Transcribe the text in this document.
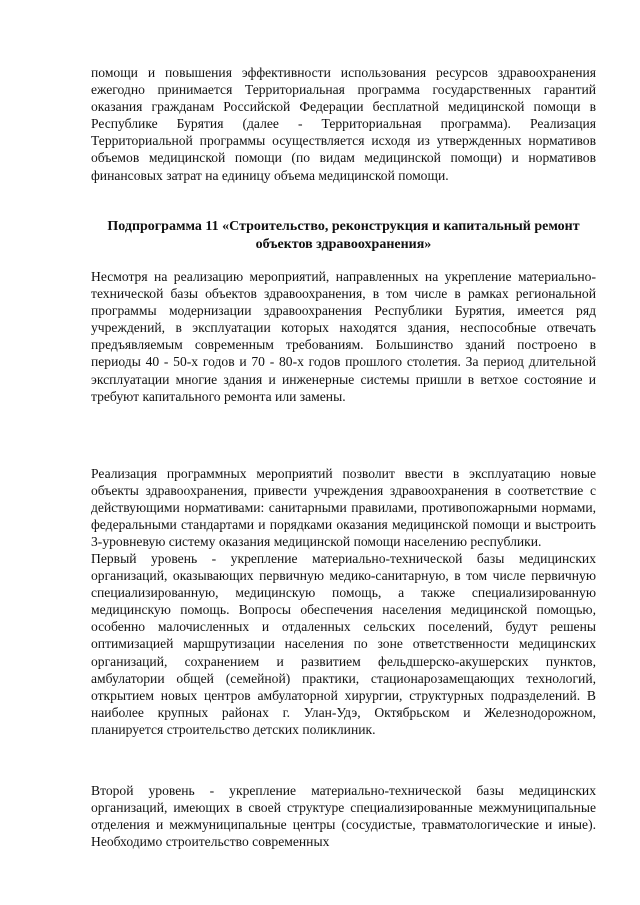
помощи и повышения эффективности использования ресурсов здравоохранения ежегодно принимается Территориальная программа государственных гарантий оказания гражданам Российской Федерации бесплатной медицинской помощи в Республике Бурятия (далее - Территориальная программа). Реализация Территориальной программы осуществляется исходя из утвержденных нормативов объемов медицинской помощи (по видам медицинской помощи) и нормативов финансовых затрат на единицу объема медицинской помощи.

Подпрограмма 11 «Строительство, реконструкция и капитальный ремонт объектов здравоохранения»

Несмотря на реализацию мероприятий, направленных на укрепление материально-технической базы объектов здравоохранения, в том числе в рамках региональной программы модернизации здравоохранения Республики Бурятия, имеется ряд учреждений, в эксплуатации которых находятся здания, неспособные отвечать предъявляемым современным требованиям. Большинство зданий построено в периоды 40 - 50-х годов и 70 - 80-х годов прошлого столетия. За период длительной эксплуатации многие здания и инженерные системы пришли в ветхое состояние и требуют капитального ремонта или замены.

Реализация программных мероприятий позволит ввести в эксплуатацию новые объекты здравоохранения, привести учреждения здравоохранения в соответствие с действующими нормативами: санитарными правилами, противопожарными нормами, федеральными стандартами и порядками оказания медицинской помощи и выстроить 3-уровневую систему оказания медицинской помощи населению республики.

Первый уровень - укрепление материально-технической базы медицинских организаций, оказывающих первичную медико-санитарную, в том числе первичную специализированную, медицинскую помощь, а также специализированную медицинскую помощь. Вопросы обеспечения населения медицинской помощью, особенно малочисленных и отдаленных сельских поселений, будут решены оптимизацией маршрутизации населения по зоне ответственности медицинских организаций, сохранением и развитием фельдшерско-акушерских пунктов, амбулатории общей (семейной) практики, стационарозамещающих технологий, открытием новых центров амбулаторной хирургии, структурных подразделений. В наиболее крупных районах г. Улан-Удэ, Октябрьском и Железнодорожном, планируется строительство детских поликлиник.

Второй уровень - укрепление материально-технической базы медицинских организаций, имеющих в своей структуре специализированные межмуниципальные отделения и межмуниципальные центры (сосудистые, травматологические и иные). Необходимо строительство современных
